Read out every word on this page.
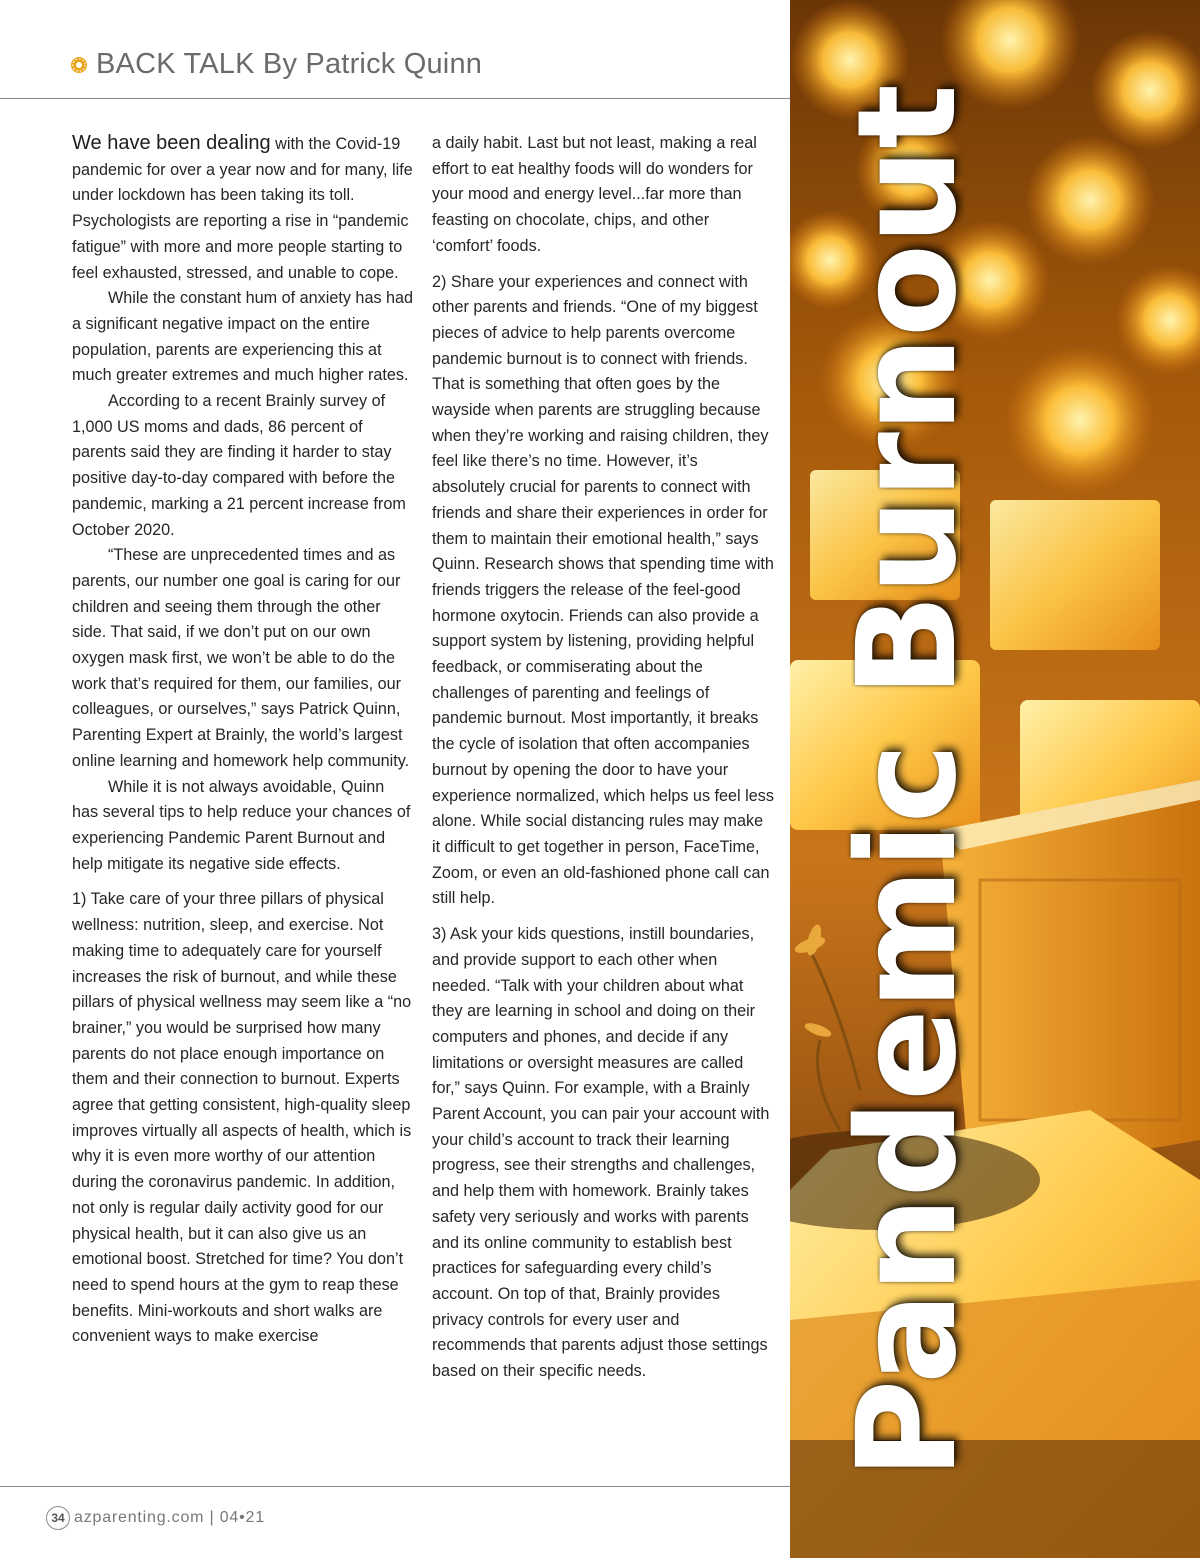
BACK TALK By Patrick Quinn

We have been dealing with the Covid-19 pandemic for over a year now and for many, life under lockdown has been taking its toll. Psychologists are reporting a rise in “pandemic fatigue” with more and more people starting to feel exhausted, stressed, and unable to cope.

While the constant hum of anxiety has had a significant negative impact on the entire population, parents are experiencing this at much greater extremes and much higher rates.

According to a recent Brainly survey of 1,000 US moms and dads, 86 percent of parents said they are finding it harder to stay positive day-to-day compared with before the pandemic, marking a 21 percent increase from October 2020.

“These are unprecedented times and as parents, our number one goal is caring for our children and seeing them through the other side. That said, if we don’t put on our own oxygen mask first, we won’t be able to do the work that’s required for them, our families, our colleagues, or ourselves,” says Patrick Quinn, Parenting Expert at Brainly, the world’s largest online learning and homework help community.

While it is not always avoidable, Quinn has several tips to help reduce your chances of experiencing Pandemic Parent Burnout and help mitigate its negative side effects.

1) Take care of your three pillars of physical wellness: nutrition, sleep, and exercise. Not making time to adequately care for yourself increases the risk of burnout, and while these pillars of physical wellness may seem like a “no brainer,” you would be surprised how many parents do not place enough importance on them and their connection to burnout. Experts agree that getting consistent, high-quality sleep improves virtually all aspects of health, which is why it is even more worthy of our attention during the coronavirus pandemic. In addition, not only is regular daily activity good for our physical health, but it can also give us an emotional boost. Stretched for time? You don’t need to spend hours at the gym to reap these benefits. Mini-workouts and short walks are convenient ways to make exercise

a daily habit. Last but not least, making a real effort to eat healthy foods will do wonders for your mood and energy level...far more than feasting on chocolate, chips, and other ‘comfort’ foods.

2) Share your experiences and connect with other parents and friends. “One of my biggest pieces of advice to help parents overcome pandemic burnout is to connect with friends. That is something that often goes by the wayside when parents are struggling because when they’re working and raising children, they feel like there’s no time. However, it’s absolutely crucial for parents to connect with friends and share their experiences in order for them to maintain their emotional health,” says Quinn. Research shows that spending time with friends triggers the release of the feel-good hormone oxytocin. Friends can also provide a support system by listening, providing helpful feedback, or commiserating about the challenges of parenting and feelings of pandemic burnout. Most importantly, it breaks the cycle of isolation that often accompanies burnout by opening the door to have your experience normalized, which helps us feel less alone. While social distancing rules may make it difficult to get together in person, FaceTime, Zoom, or even an old-fashioned phone call can still help.

3) Ask your kids questions, instill boundaries, and provide support to each other when needed. “Talk with your children about what they are learning in school and doing on their computers and phones, and decide if any limitations or oversight measures are called for,” says Quinn. For example, with a Brainly Parent Account, you can pair your account with your child’s account to track their learning progress, see their strengths and challenges, and help them with homework. Brainly takes safety very seriously and works with parents and its online community to establish best practices for safeguarding every child’s account. On top of that, Brainly provides privacy controls for every user and recommends that parents adjust those settings based on their specific needs.	Pandemic Burnout
34 azparenting.com | 04•21
